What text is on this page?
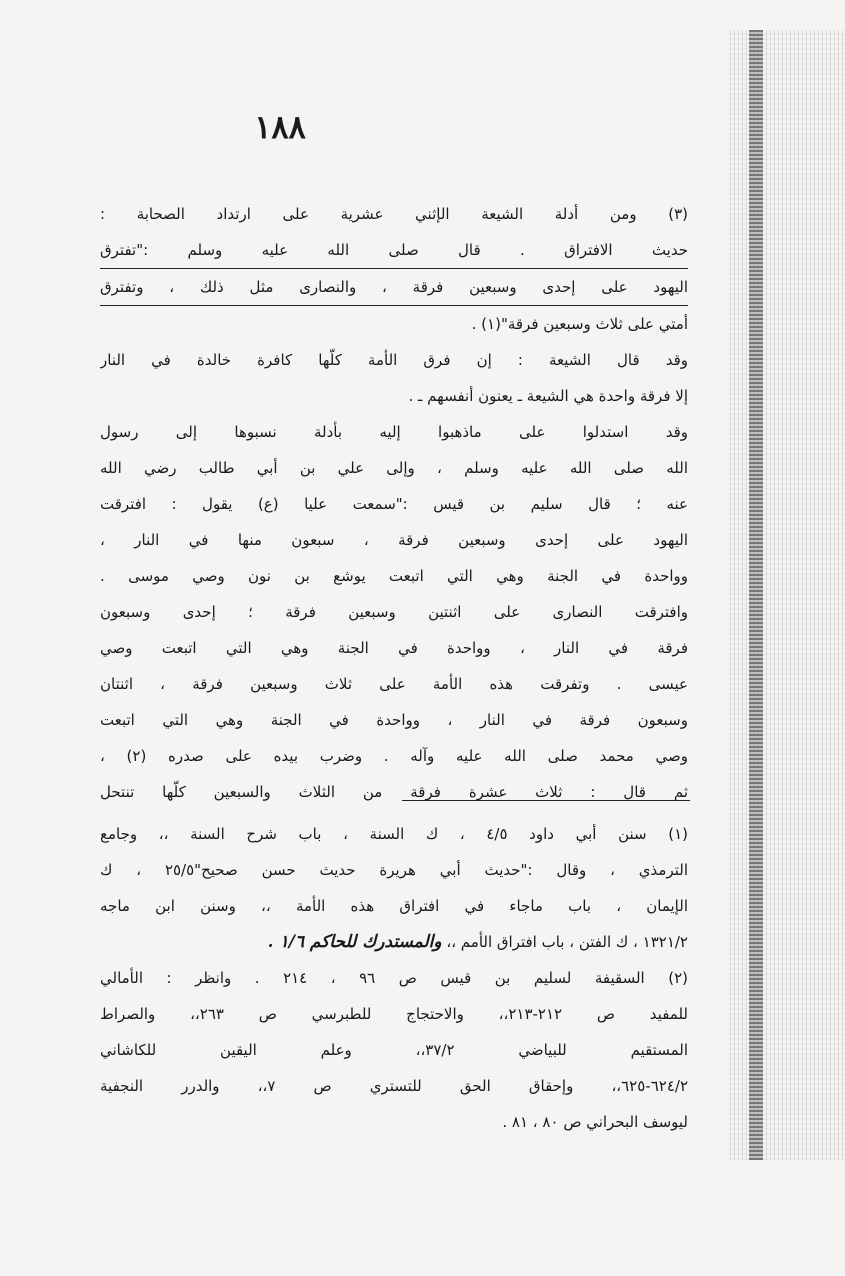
١٨٨
(٣) ومن أدلة الشيعة الإثني عشرية على ارتداد الصحابة :
حديث الافتراق . قال صلى الله عليه وسلم :"تفترق
اليهود على إحدى وسبعين فرقة ، والنصارى مثل ذلك ، وتفترق
أمتي على ثلاث وسبعين فرقة"(١) .
وقد قال الشيعة : إن فرق الأمة كلّها كافرة خالدة في النار
إلا فرقة واحدة هي الشيعة ـ يعنون أنفسهم ـ .
وقد استدلوا على ماذهبوا إليه بأدلة نسبوها إلى رسول
الله صلى الله عليه وسلم ، وإلى علي بن أبي طالب رضي الله
عنه ؛ قال سليم بن قيس :"سمعت عليا (ع) يقول : افترقت
اليهود على إحدى وسبعين فرقة ، سبعون منها في النار ،
وواحدة في الجنة وهي التي اتبعت يوشع بن نون وصي موسى .
وافترقت النصارى على اثنتين وسبعين فرقة ؛ إحدى وسبعون
فرقة في النار ، وواحدة في الجنة وهي التي اتبعت وصي
عيسى . وتفرقت هذه الأمة على ثلاث وسبعين فرقة ، اثنتان
وسبعون فرقة في النار ، وواحدة في الجنة وهي التي اتبعت
وصي محمد صلى الله عليه وآله . وضرب بيده على صدره (٢) ،
ثم قال : ثلاث عشرة فرقة من الثلاث والسبعين كلّها تنتحل
(١) سنن أبي داود ٤/٥ ، ك السنة ، باب شرح السنة ،، وجامع
الترمذي ، وقال :"حديث أبي هريرة حديث حسن صحيح"٢٥/٥ ، ك
الإيمان ، باب ماجاء في افتراق هذه الأمة ،، وسنن ابن ماجه
١٣٢١/٢ ، ك الفتن ، باب افتراق الأمم ،، والمستدرك للحاكم ١/٦ .
(٢) السقيفة لسليم بن قيس ص ٩٦ ، ٢١٤ . وانظر : الأمالي
للمفيد ص ٢١٢-٢١٣،، والاحتجاج للطبرسي ص ٢٦٣،، والصراط
المستقيم للبياضي ٣٧/٢،، وعلم اليقين للكاشاني
٦٢٤/٢-٦٢٥،، وإحقاق الحق للتستري ص ٧،، والدرر النجفية
ليوسف البحراني ص ٨٠ ، ٨١ .
